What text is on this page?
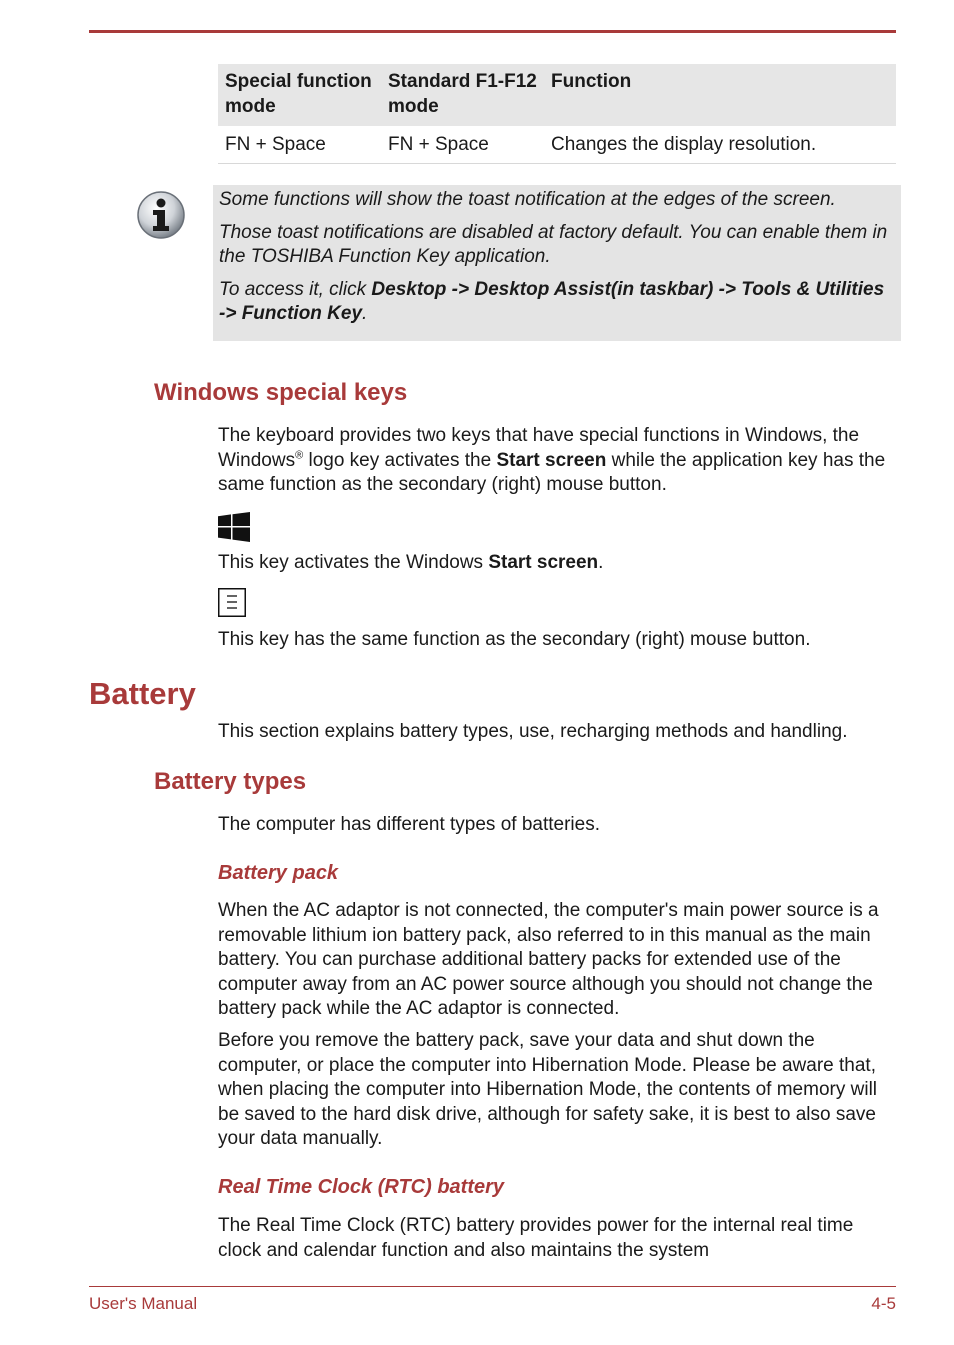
Special function mode	Standard F1-F12 mode	Function
FN + Space	FN + Space	Changes the display resolution.

Some functions will show the toast notification at the edges of the screen.

Those toast notifications are disabled at factory default. You can enable them in the TOSHIBA Function Key application.

To access it, click Desktop -> Desktop Assist(in taskbar) -> Tools & Utilities -> Function Key.

Windows special keys

The keyboard provides two keys that have special functions in Windows, the Windows® logo key activates the Start screen while the application key has the same function as the secondary (right) mouse button.

This key activates the Windows Start screen.

This key has the same function as the secondary (right) mouse button.

Battery

This section explains battery types, use, recharging methods and handling.

Battery types

The computer has different types of batteries.

Battery pack

When the AC adaptor is not connected, the computer's main power source is a removable lithium ion battery pack, also referred to in this manual as the main battery. You can purchase additional battery packs for extended use of the computer away from an AC power source although you should not change the battery pack while the AC adaptor is connected.

Before you remove the battery pack, save your data and shut down the computer, or place the computer into Hibernation Mode. Please be aware that, when placing the computer into Hibernation Mode, the contents of memory will be saved to the hard disk drive, although for safety sake, it is best to also save your data manually.

Real Time Clock (RTC) battery

The Real Time Clock (RTC) battery provides power for the internal real time clock and calendar function and also maintains the system

User's Manual	4-5
